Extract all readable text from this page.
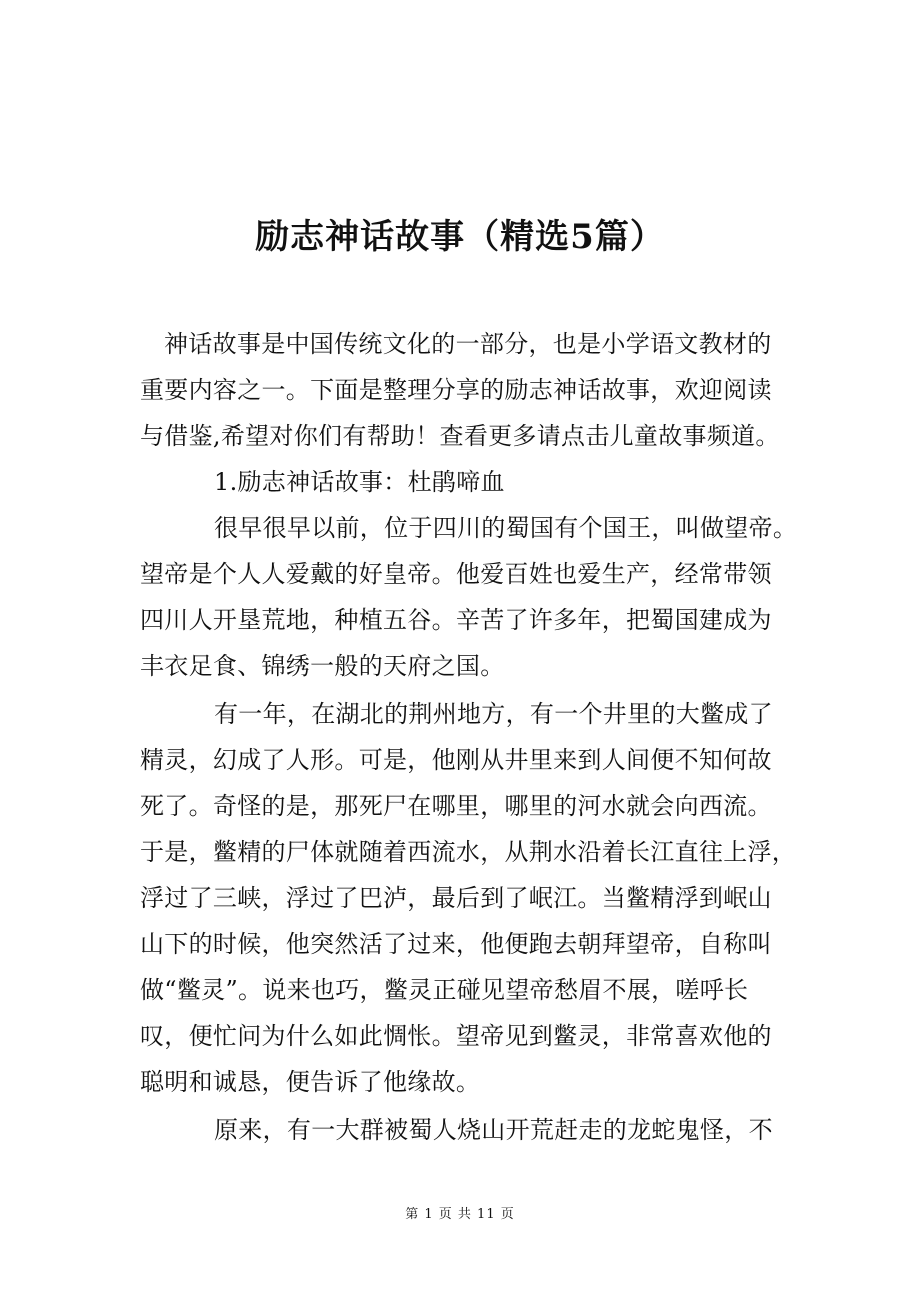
励志神话故事（精选5篇）
神话故事是中国传统文化的一部分，也是小学语文教材的
重要内容之一。下面是整理分享的励志神话故事，欢迎阅读
与借鉴,希望对你们有帮助！查看更多请点击儿童故事频道。
1.励志神话故事：杜鹃啼血
很早很早以前，位于四川的蜀国有个国王，叫做望帝。
望帝是个人人爱戴的好皇帝。他爱百姓也爱生产，经常带领
四川人开垦荒地，种植五谷。辛苦了许多年，把蜀国建成为
丰衣足食、锦绣一般的天府之国。
有一年，在湖北的荆州地方，有一个井里的大鳖成了
精灵，幻成了人形。可是，他刚从井里来到人间便不知何故
死了。奇怪的是，那死尸在哪里，哪里的河水就会向西流。
于是，鳖精的尸体就随着西流水，从荆水沿着长江直往上浮，
浮过了三峡，浮过了巴泸，最后到了岷江。当鳖精浮到岷山
山下的时候，他突然活了过来，他便跑去朝拜望帝，自称叫
做“鳖灵”。说来也巧，鳖灵正碰见望帝愁眉不展，嗟呼长
叹，便忙问为什么如此惆怅。望帝见到鳖灵，非常喜欢他的
聪明和诚恳，便告诉了他缘故。
原来，有一大群被蜀人烧山开荒赶走的龙蛇鬼怪，不
第 1 页 共 11 页
